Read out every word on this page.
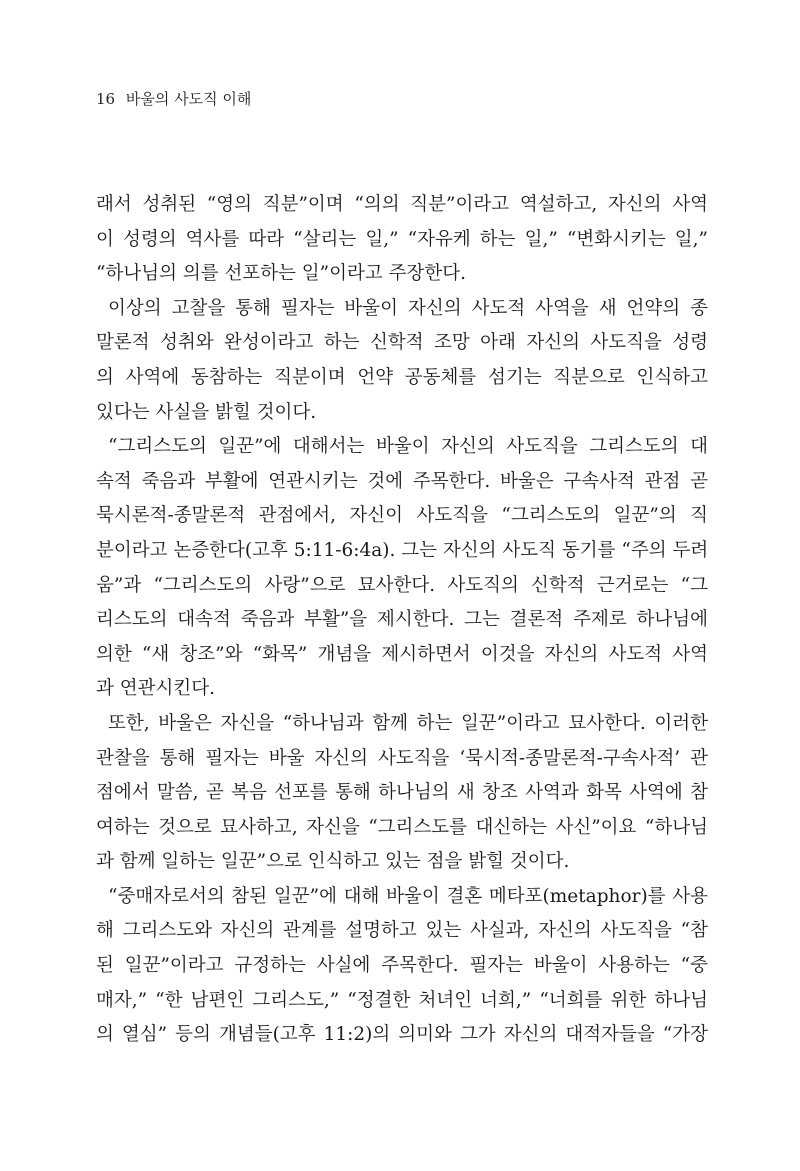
16 바울의 사도직 이해
래서 성취된 “영의 직분”이며 “의의 직분”이라고 역설하고, 자신의 사역
이 성령의 역사를 따라 “살리는 일,” “자유케 하는 일,” “변화시키는 일,”
“하나님의 의를 선포하는 일”이라고 주장한다.
이상의 고찰을 통해 필자는 바울이 자신의 사도적 사역을 새 언약의 종
말론적 성취와 완성이라고 하는 신학적 조망 아래 자신의 사도직을 성령
의 사역에 동참하는 직분이며 언약 공동체를 섬기는 직분으로 인식하고
있다는 사실을 밝힐 것이다.
“그리스도의 일꾼”에 대해서는 바울이 자신의 사도직을 그리스도의 대
속적 죽음과 부활에 연관시키는 것에 주목한다. 바울은 구속사적 관점 곧
묵시론적-종말론적 관점에서, 자신이 사도직을 “그리스도의 일꾼”의 직
분이라고 논증한다(고후 5:11-6:4a). 그는 자신의 사도직 동기를 “주의 두려
움”과 “그리스도의 사랑”으로 묘사한다. 사도직의 신학적 근거로는 “그
리스도의 대속적 죽음과 부활”을 제시한다. 그는 결론적 주제로 하나님에
의한 “새 창조”와 “화목” 개념을 제시하면서 이것을 자신의 사도적 사역
과 연관시킨다.
또한, 바울은 자신을 “하나님과 함께 하는 일꾼”이라고 묘사한다. 이러한
관찰을 통해 필자는 바울 자신의 사도직을 ‘묵시적-종말론적-구속사적’ 관
점에서 말씀, 곧 복음 선포를 통해 하나님의 새 창조 사역과 화목 사역에 참
여하는 것으로 묘사하고, 자신을 “그리스도를 대신하는 사신”이요 “하나님
과 함께 일하는 일꾼”으로 인식하고 있는 점을 밝힐 것이다.
“중매자로서의 참된 일꾼”에 대해 바울이 결혼 메타포(metaphor)를 사용
해 그리스도와 자신의 관계를 설명하고 있는 사실과, 자신의 사도직을 “참
된 일꾼”이라고 규정하는 사실에 주목한다. 필자는 바울이 사용하는 “중
매자,” “한 남편인 그리스도,” “정결한 처녀인 너희,” “너희를 위한 하나님
의 열심” 등의 개념들(고후 11:2)의 의미와 그가 자신의 대적자들을 “가장
